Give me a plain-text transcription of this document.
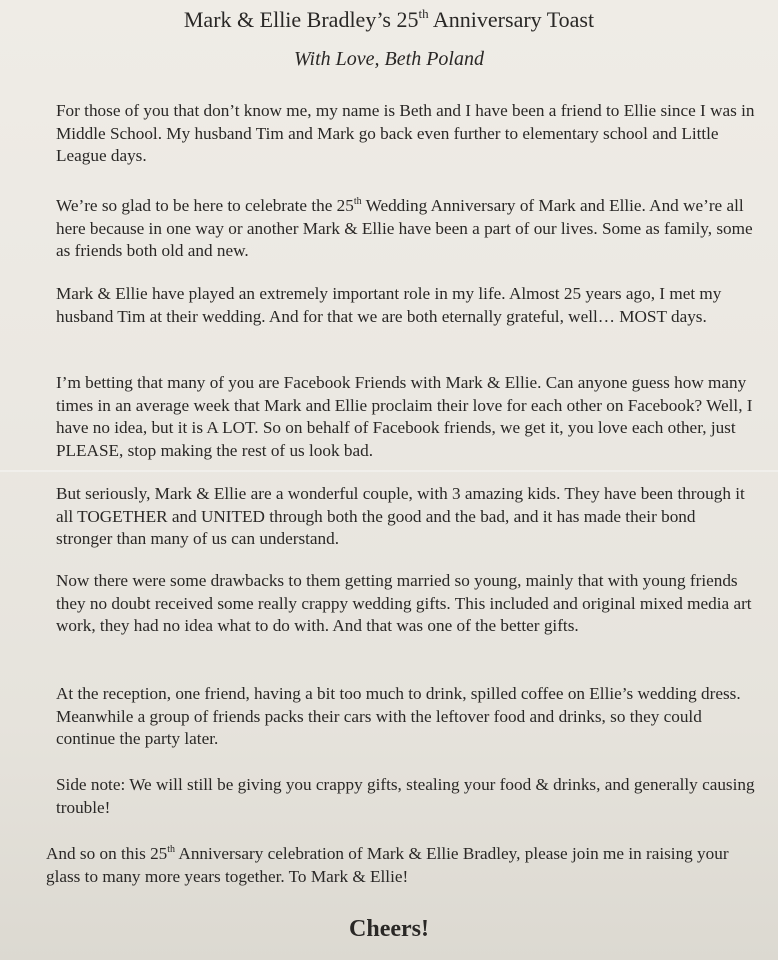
Mark & Ellie Bradley’s 25th Anniversary Toast
With Love, Beth Poland

For those of you that don’t know me, my name is Beth and I have been a friend to Ellie since I was in Middle School. My husband Tim and Mark go back even further to elementary school and Little League days.

We’re so glad to be here to celebrate the 25th Wedding Anniversary of Mark and Ellie. And we’re all here because in one way or another Mark & Ellie have been a part of our lives. Some as family, some as friends both old and new.

Mark & Ellie have played an extremely important role in my life. Almost 25 years ago, I met my husband Tim at their wedding. And for that we are both eternally grateful, well… MOST days.

I’m betting that many of you are Facebook Friends with Mark & Ellie. Can anyone guess how many times in an average week that Mark and Ellie proclaim their love for each other on Facebook? Well, I have no idea, but it is A LOT. So on behalf of Facebook friends, we get it, you love each other, just PLEASE, stop making the rest of us look bad.

But seriously, Mark & Ellie are a wonderful couple, with 3 amazing kids. They have been through it all TOGETHER and UNITED through both the good and the bad, and it has made their bond stronger than many of us can understand.

Now there were some drawbacks to them getting married so young, mainly that with young friends they no doubt received some really crappy wedding gifts. This included and original mixed media art work, they had no idea what to do with. And that was one of the better gifts.

At the reception, one friend, having a bit too much to drink, spilled coffee on Ellie’s wedding dress. Meanwhile a group of friends packs their cars with the leftover food and drinks, so they could continue the party later.

Side note: We will still be giving you crappy gifts, stealing your food & drinks, and generally causing trouble!

And so on this 25th Anniversary celebration of Mark & Ellie Bradley, please join me in raising your glass to many more years together. To Mark & Ellie!

Cheers!
